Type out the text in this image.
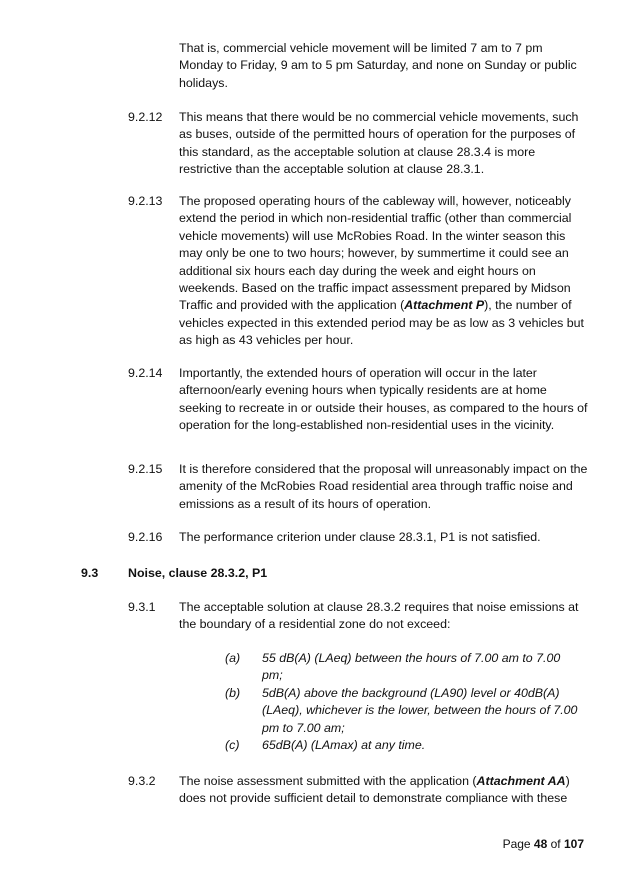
That is, commercial vehicle movement will be limited 7 am to 7 pm Monday to Friday, 9 am to 5 pm Saturday, and none on Sunday or public holidays.

9.2.12 This means that there would be no commercial vehicle movements, such as buses, outside of the permitted hours of operation for the purposes of this standard, as the acceptable solution at clause 28.3.4 is more restrictive than the acceptable solution at clause 28.3.1.

9.2.13 The proposed operating hours of the cableway will, however, noticeably extend the period in which non-residential traffic (other than commercial vehicle movements) will use McRobies Road. In the winter season this may only be one to two hours; however, by summertime it could see an additional six hours each day during the week and eight hours on weekends. Based on the traffic impact assessment prepared by Midson Traffic and provided with the application (Attachment P), the number of vehicles expected in this extended period may be as low as 3 vehicles but as high as 43 vehicles per hour.

9.2.14 Importantly, the extended hours of operation will occur in the later afternoon/early evening hours when typically residents are at home seeking to recreate in or outside their houses, as compared to the hours of operation for the long-established non-residential uses in the vicinity.

9.2.15 It is therefore considered that the proposal will unreasonably impact on the amenity of the McRobies Road residential area through traffic noise and emissions as a result of its hours of operation.

9.2.16 The performance criterion under clause 28.3.1, P1 is not satisfied.

9.3 Noise, clause 28.3.2, P1
9.3.1 The acceptable solution at clause 28.3.2 requires that noise emissions at the boundary of a residential zone do not exceed:

(a) 55 dB(A) (LAeq) between the hours of 7.00 am to 7.00 pm;
(b) 5dB(A) above the background (LA90) level or 40dB(A) (LAeq), whichever is the lower, between the hours of 7.00 pm to 7.00 am;
(c) 65dB(A) (LAmax) at any time.
9.3.2 The noise assessment submitted with the application (Attachment AA) does not provide sufficient detail to demonstrate compliance with these

Page 48 of 107
